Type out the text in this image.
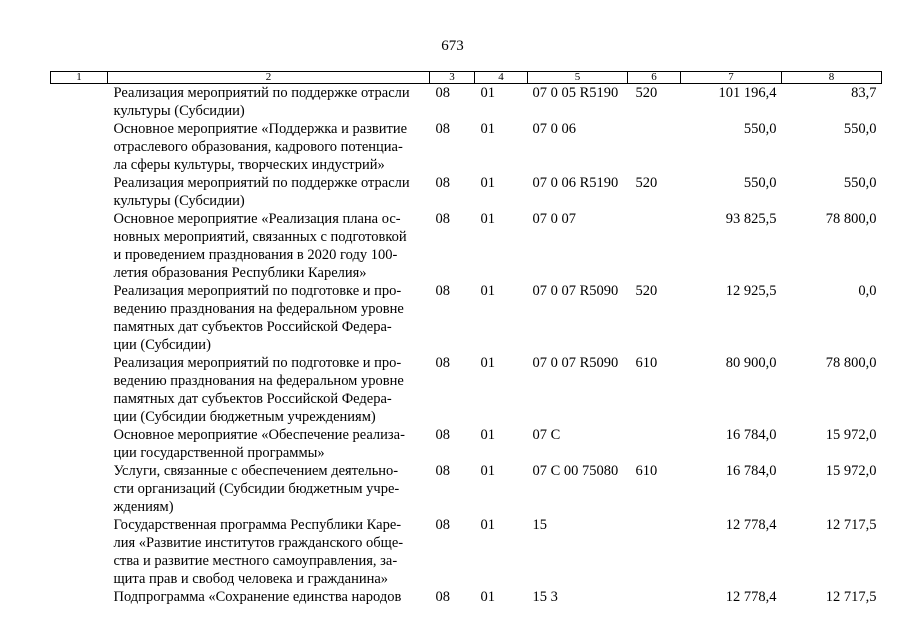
673
1	2	3	4	5	6	7	8

	Реализация мероприятий по поддержке отрасли
культуры (Субсидии)	08	01	07 0 05 R5190	520	101 196,4	83,7

	Основное мероприятие «Поддержка и развитие
отраслевого образования, кадрового потенциа-
ла сферы культуры, творческих индустрий»	08	01	07 0 06		550,0	550,0

	Реализация мероприятий по поддержке отрасли
культуры (Субсидии)	08	01	07 0 06 R5190	520	550,0	550,0

	Основное мероприятие «Реализация плана ос-
новных мероприятий, связанных с подготовкой
и проведением празднования в 2020 году 100-
летия образования Республики Карелия»	08	01	07 0 07		93 825,5	78 800,0

	Реализация мероприятий по подготовке и про-
ведению празднования на федеральном уровне
памятных дат субъектов Российской Федера-
ции (Субсидии)	08	01	07 0 07 R5090	520	12 925,5	0,0

	Реализация мероприятий по подготовке и про-
ведению празднования на федеральном уровне
памятных дат субъектов Российской Федера-
ции (Субсидии бюджетным учреждениям)	08	01	07 0 07 R5090	610	80 900,0	78 800,0

	Основное мероприятие «Обеспечение реализа-
ции государственной программы»	08	01	07 С		16 784,0	15 972,0

	Услуги, связанные с обеспечением деятельно-
сти организаций (Субсидии бюджетным учре-
ждениям)	08	01	07 С 00 75080	610	16 784,0	15 972,0

	Государственная программа Республики Каре-
лия «Развитие институтов гражданского обще-
ства и развитие местного самоуправления, за-
щита прав и свобод человека и гражданина»	08	01	15		12 778,4	12 717,5

	Подпрограмма «Сохранение единства народов	08	01	15 3		12 778,4	12 717,5
